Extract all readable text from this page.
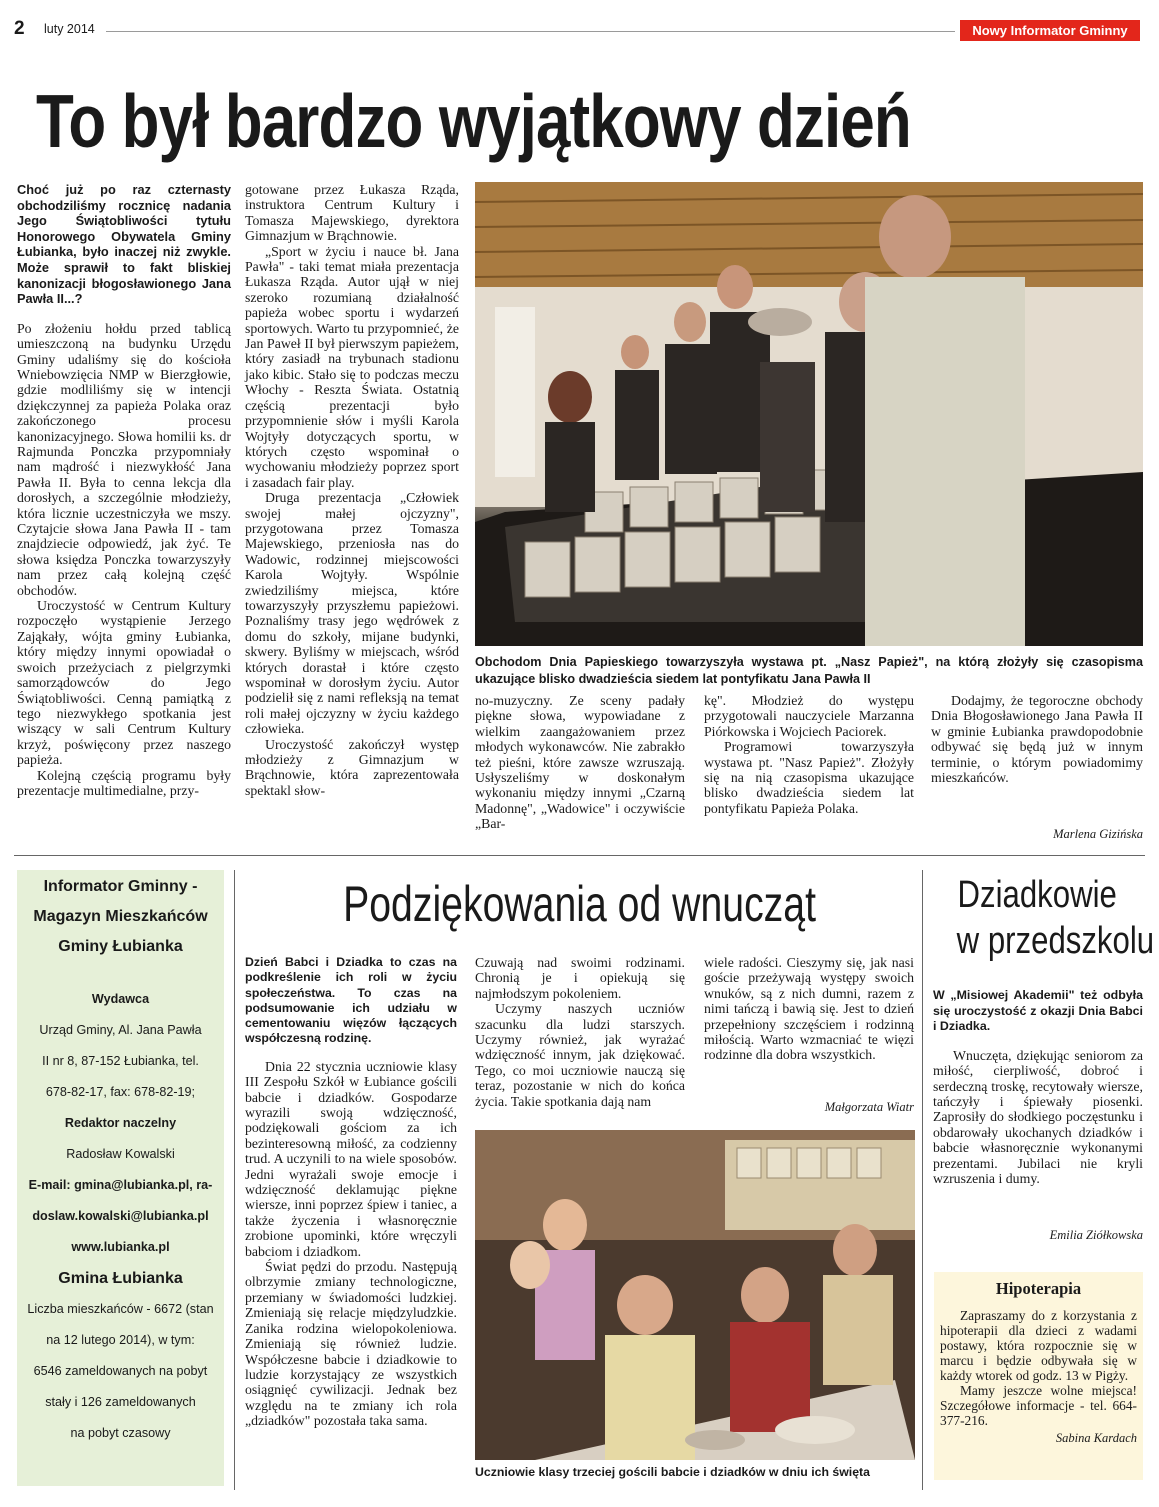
2 luty 2014	Nowy Informator Gminny
To był bardzo wyjątkowy dzień

Choć już po raz czternasty obchodziliśmy rocznicę nadania Jego Świątobliwości tytułu Honorowego Obywatela Gminy Łubianka, było inaczej niż zwykle. Może sprawił to fakt bliskiej kanonizacji błogosławionego Jana Pawła II...?

Po złożeniu hołdu przed tablicą umieszczoną na budynku Urzędu Gminy udaliśmy się do kościoła Wniebowzięcia NMP w Bierzgłowie, gdzie modliliśmy się w intencji dziękczynnej za papieża Polaka oraz zakończonego procesu kanonizacyjnego. Słowa homilii ks. dr Rajmunda Ponczka przypomniały nam mądrość i niezwykłość Jana Pawła II. Była to cenna lekcja dla dorosłych, a szczególnie młodzieży, która licznie uczestniczyła we mszy. Czytajcie słowa Jana Pawła II - tam znajdziecie odpowiedź, jak żyć. Te słowa księdza Ponczka towarzyszyły nam przez całą kolejną część obchodów.

Uroczystość w Centrum Kultury rozpoczęło wystąpienie Jerzego Zająkały, wójta gminy Łubianka, który między innymi opowiadał o swoich przeżyciach z pielgrzymki samorządowców do Jego Świątobliwości. Cenną pamiątką z tego niezwykłego spotkania jest wiszący w sali Centrum Kultury krzyż, poświęcony przez naszego papieża.

Kolejną częścią programu były prezentacje multimedialne, przy-

gotowane przez Łukasza Rządа, instruktora Centrum Kultury i Tomasza Majewskiego, dyrektora Gimnazjum w Brąchnowie.

„Sport w życiu i nauce bł. Jana Pawła" - taki temat miała prezentacja Łukasza Rządа. Autor ujął w niej szeroko rozumianą działalność papieża wobec sportu i wydarzeń sportowych. Warto tu przypomnieć, że Jan Paweł II był pierwszym papieżem, który zasiadł na trybunach stadionu jako kibic. Stało się to podczas meczu Włochy - Reszta Świata. Ostatnią częścią prezentacji było przypomnienie słów i myśli Karola Wojtyły dotyczących sportu, w których często wspominał o wychowaniu młodzieży poprzez sport i zasadach fair play.

Druga prezentacja „Człowiek swojej małej ojczyzny", przygotowana przez Tomasza Majewskiego, przeniosła nas do Wadowic, rodzinnej miejscowości Karola Wojtyły. Wspólnie zwiedziliśmy miejsca, które towarzyszyły przyszłemu papieżowi. Poznaliśmy trasy jego wędrówek z domu do szkoły, mijane budynki, skwery. Byliśmy w miejscach, wśród których dorastał i które często wspominał w dorosłym życiu. Autor podzielił się z nami refleksją na temat roli małej ojczyzny w życiu każdego człowieka.

Uroczystość zakończył występ młodzieży z Gimnazjum w Brąchnowie, która zaprezentowała spektakl słow-

Obchodom Dnia Papieskiego towarzyszyła wystawa pt. „Nasz Papież", na którą złożyły się czasopisma ukazujące blisko dwadzieścia siedem lat pontyfikatu Jana Pawła II

no-muzyczny. Ze sceny padały piękne słowa, wypowiadane z wielkim zaangażowaniem przez młodych wykonawców. Nie zabrakło też pieśni, które zawsze wzruszają. Usłyszeliśmy w doskonałym wykonaniu między innymi „Czarną Madonnę", „Wadowice" i oczywiście „Bar-

kę". Młodzież do występu przygotowali nauczyciele Marzanna Piórkowska i Wojciech Paciorek.

Programowi towarzyszyła wystawa pt. "Nasz Papież". Złożyły się na nią czasopisma ukazujące blisko dwadzieścia siedem lat pontyfikatu Papieża Polaka.

Dodajmy, że tegoroczne obchody Dnia Błogosławionego Jana Pawła II w gminie Łubianka prawdopodobnie odbywać się będą już w innym terminie, o którym powiadomimy mieszkańców.

Marlena Gizińska

Informator Gminny -

Magazyn Mieszkańców

Gminy Łubianka

Wydawca

Urząd Gminy, Al. Jana Pawła

II nr 8, 87-152 Łubianka, tel.

678-82-17, fax: 678-82-19;

Redaktor naczelny

Radosław Kowalski

E-mail: gmina@lubianka.pl, ra-

doslaw.kowalski@lubianka.pl

www.lubianka.pl

Gmina Łubianka

Liczba mieszkańców - 6672 (stan

na 12 lutego 2014), w tym:

6546 zameldowanych na pobyt

stały i 126 zameldowanych

na pobyt czasowy

Podziękowania od wnucząt

Dzień Babci i Dziadka to czas na podkreślenie ich roli w życiu społeczeństwa. To czas na podsumowanie ich udziału w cementowaniu więzów łączących współczesną rodzinę.

Dnia 22 stycznia uczniowie klasy III Zespołu Szkół w Łubiance gościli babcie i dziadków. Gospodarze wyrazili swoją wdzięczność, podziękowali gościom za ich bezinteresowną miłość, za codzienny trud. A uczynili to na wiele sposobów. Jedni wyrażali swoje emocje i wdzięczność deklamując piękne wiersze, inni poprzez śpiew i taniec, a także życzenia i własnoręcznie zrobione upominki, które wręczyli babciom i dziadkom.

Świat pędzi do przodu. Następują olbrzymie zmiany technologiczne, przemiany w świadomości ludzkiej. Zmieniają się relacje międzyludzkie. Zanika rodzina wielopokoleniowa. Zmieniają się również ludzie. Współczesne babcie i dziadkowie to ludzie korzystający ze wszystkich osiągnięć cywilizacji. Jednak bez względu na te zmiany ich rola „dziadków" pozostała taka sama.

Czuwają nad swoimi rodzinami. Chronią je i opiekują się najmłodszym pokoleniem.

Uczymy naszych uczniów szacunku dla ludzi starszych. Uczymy również, jak wyrażać wdzięczność innym, jak dziękować. Tego, co moi uczniowie nauczą się teraz, pozostanie w nich do końca życia. Takie spotkania dają nam

wiele radości. Cieszymy się, jak nasi goście przeżywają występy swoich wnuków, są z nich dumni, razem z nimi tańczą i bawią się. Jest to dzień przepełniony szczęściem i rodzinną miłością. Warto wzmacniać te więzi rodzinne dla dobra wszystkich.

Małgorzata Wiatr
Uczniowie klasy trzeciej gościli babcie i dziadków w dniu ich święta
Dziadkowie
w przedszkolu

W „Misiowej Akademii" też odbyła się uroczystość z okazji Dnia Babci i Dziadka.

Wnuczęta, dziękując seniorom za miłość, cierpliwość, dobroć i serdeczną troskę, recytowały wiersze, tańczyły i śpiewały piosenki. Zaprosiły do słodkiego poczęstunku i obdarowały ukochanych dziadków i babcie własnoręcznie wykonanymi prezentami. Jubilaci nie kryli wzruszenia i dumy.

Emilia Ziółkowska
Hipoterapia

Zapraszamy do z korzystania z hipoterapii dla dzieci z wadami postawy, która rozpocznie się w marcu i będzie odbywała się w każdy wtorek od godz. 13 w Pigży.

Mamy jeszcze wolne miejsca! Szczegółowe informacje - tel. 664-377-216.

Sabina Kardach
